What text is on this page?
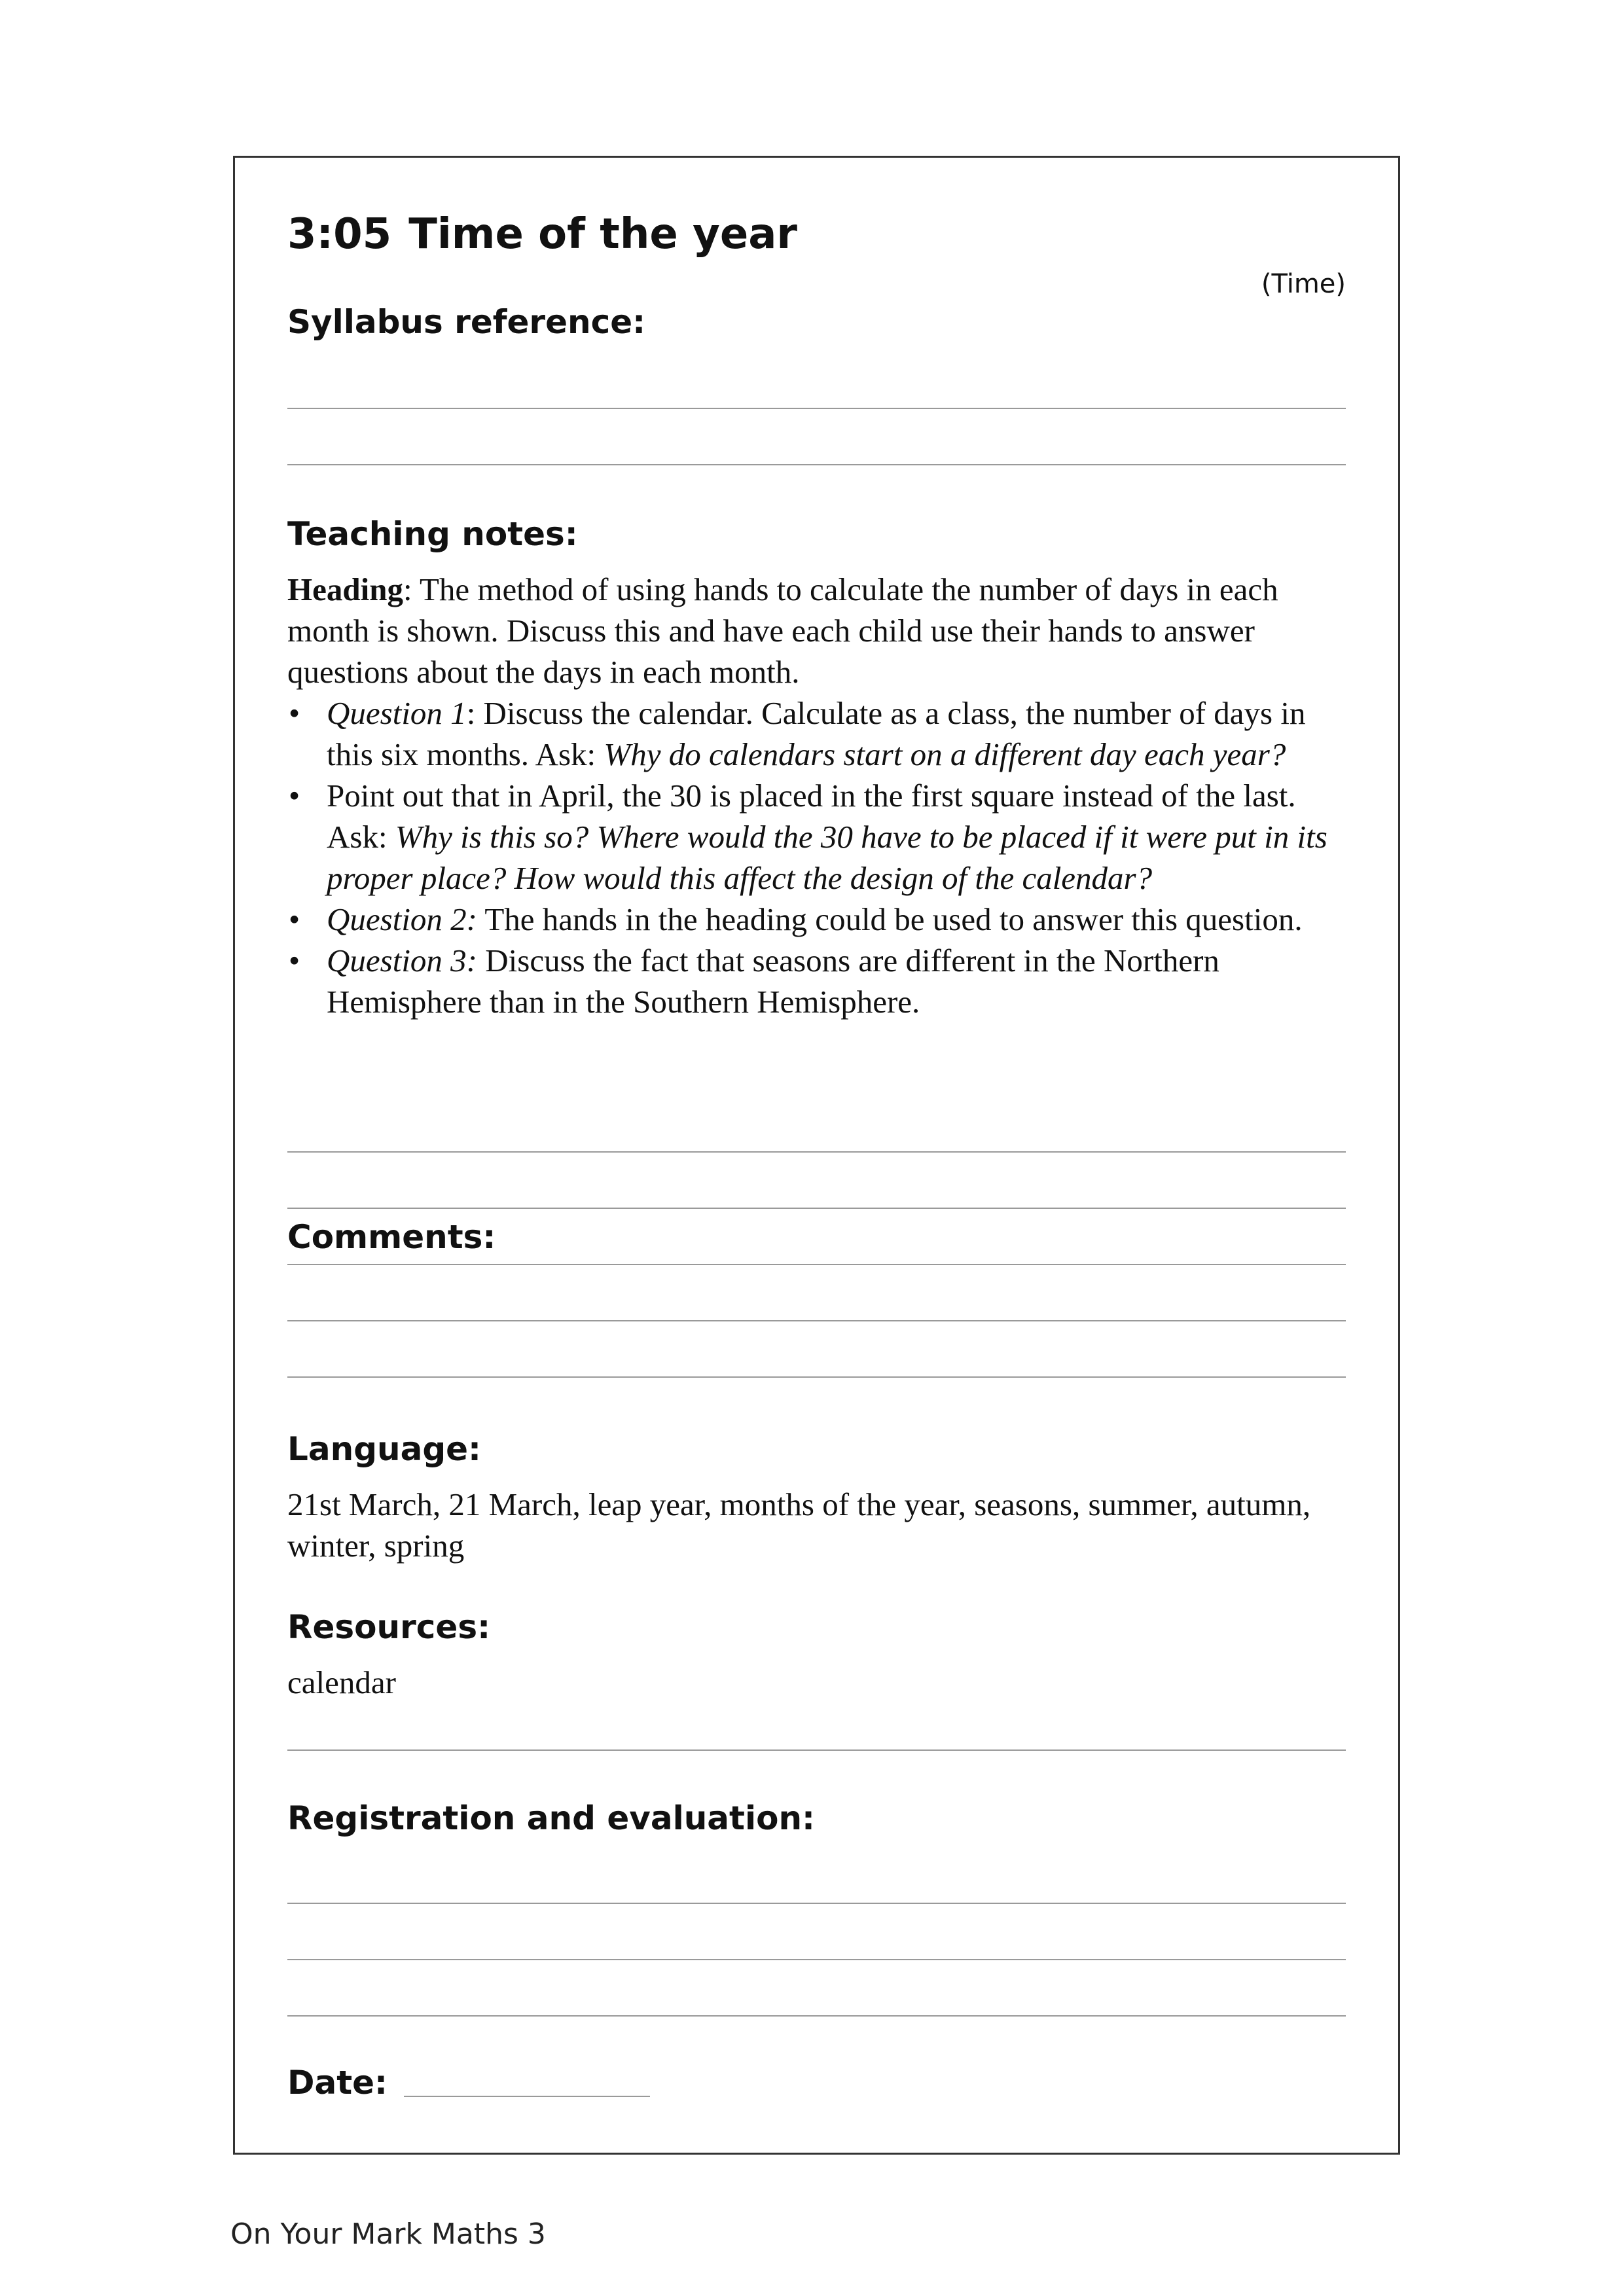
3:05 Time of the year
(Time)
Syllabus reference:
Teaching notes:

Heading: The method of using hands to calculate the number of days in each month is shown. Discuss this and have each child use their hands to answer questions about the days in each month.

• Question 1: Discuss the calendar. Calculate as a class, the number of days in this six months. Ask: Why do calendars start on a different day each year?
• Point out that in April, the 30 is placed in the first square instead of the last. Ask: Why is this so? Where would the 30 have to be placed if it were put in its proper place? How would this affect the design of the calendar?
• Question 2: The hands in the heading could be used to answer this question.
• Question 3: Discuss the fact that seasons are different in the Northern Hemisphere than in the Southern Hemisphere.
Comments:
Language:
21st March, 21 March, leap year, months of the year, seasons, summer, autumn, winter, spring
Resources:
calendar
Registration and evaluation:
Date:
On Your Mark Maths 3
